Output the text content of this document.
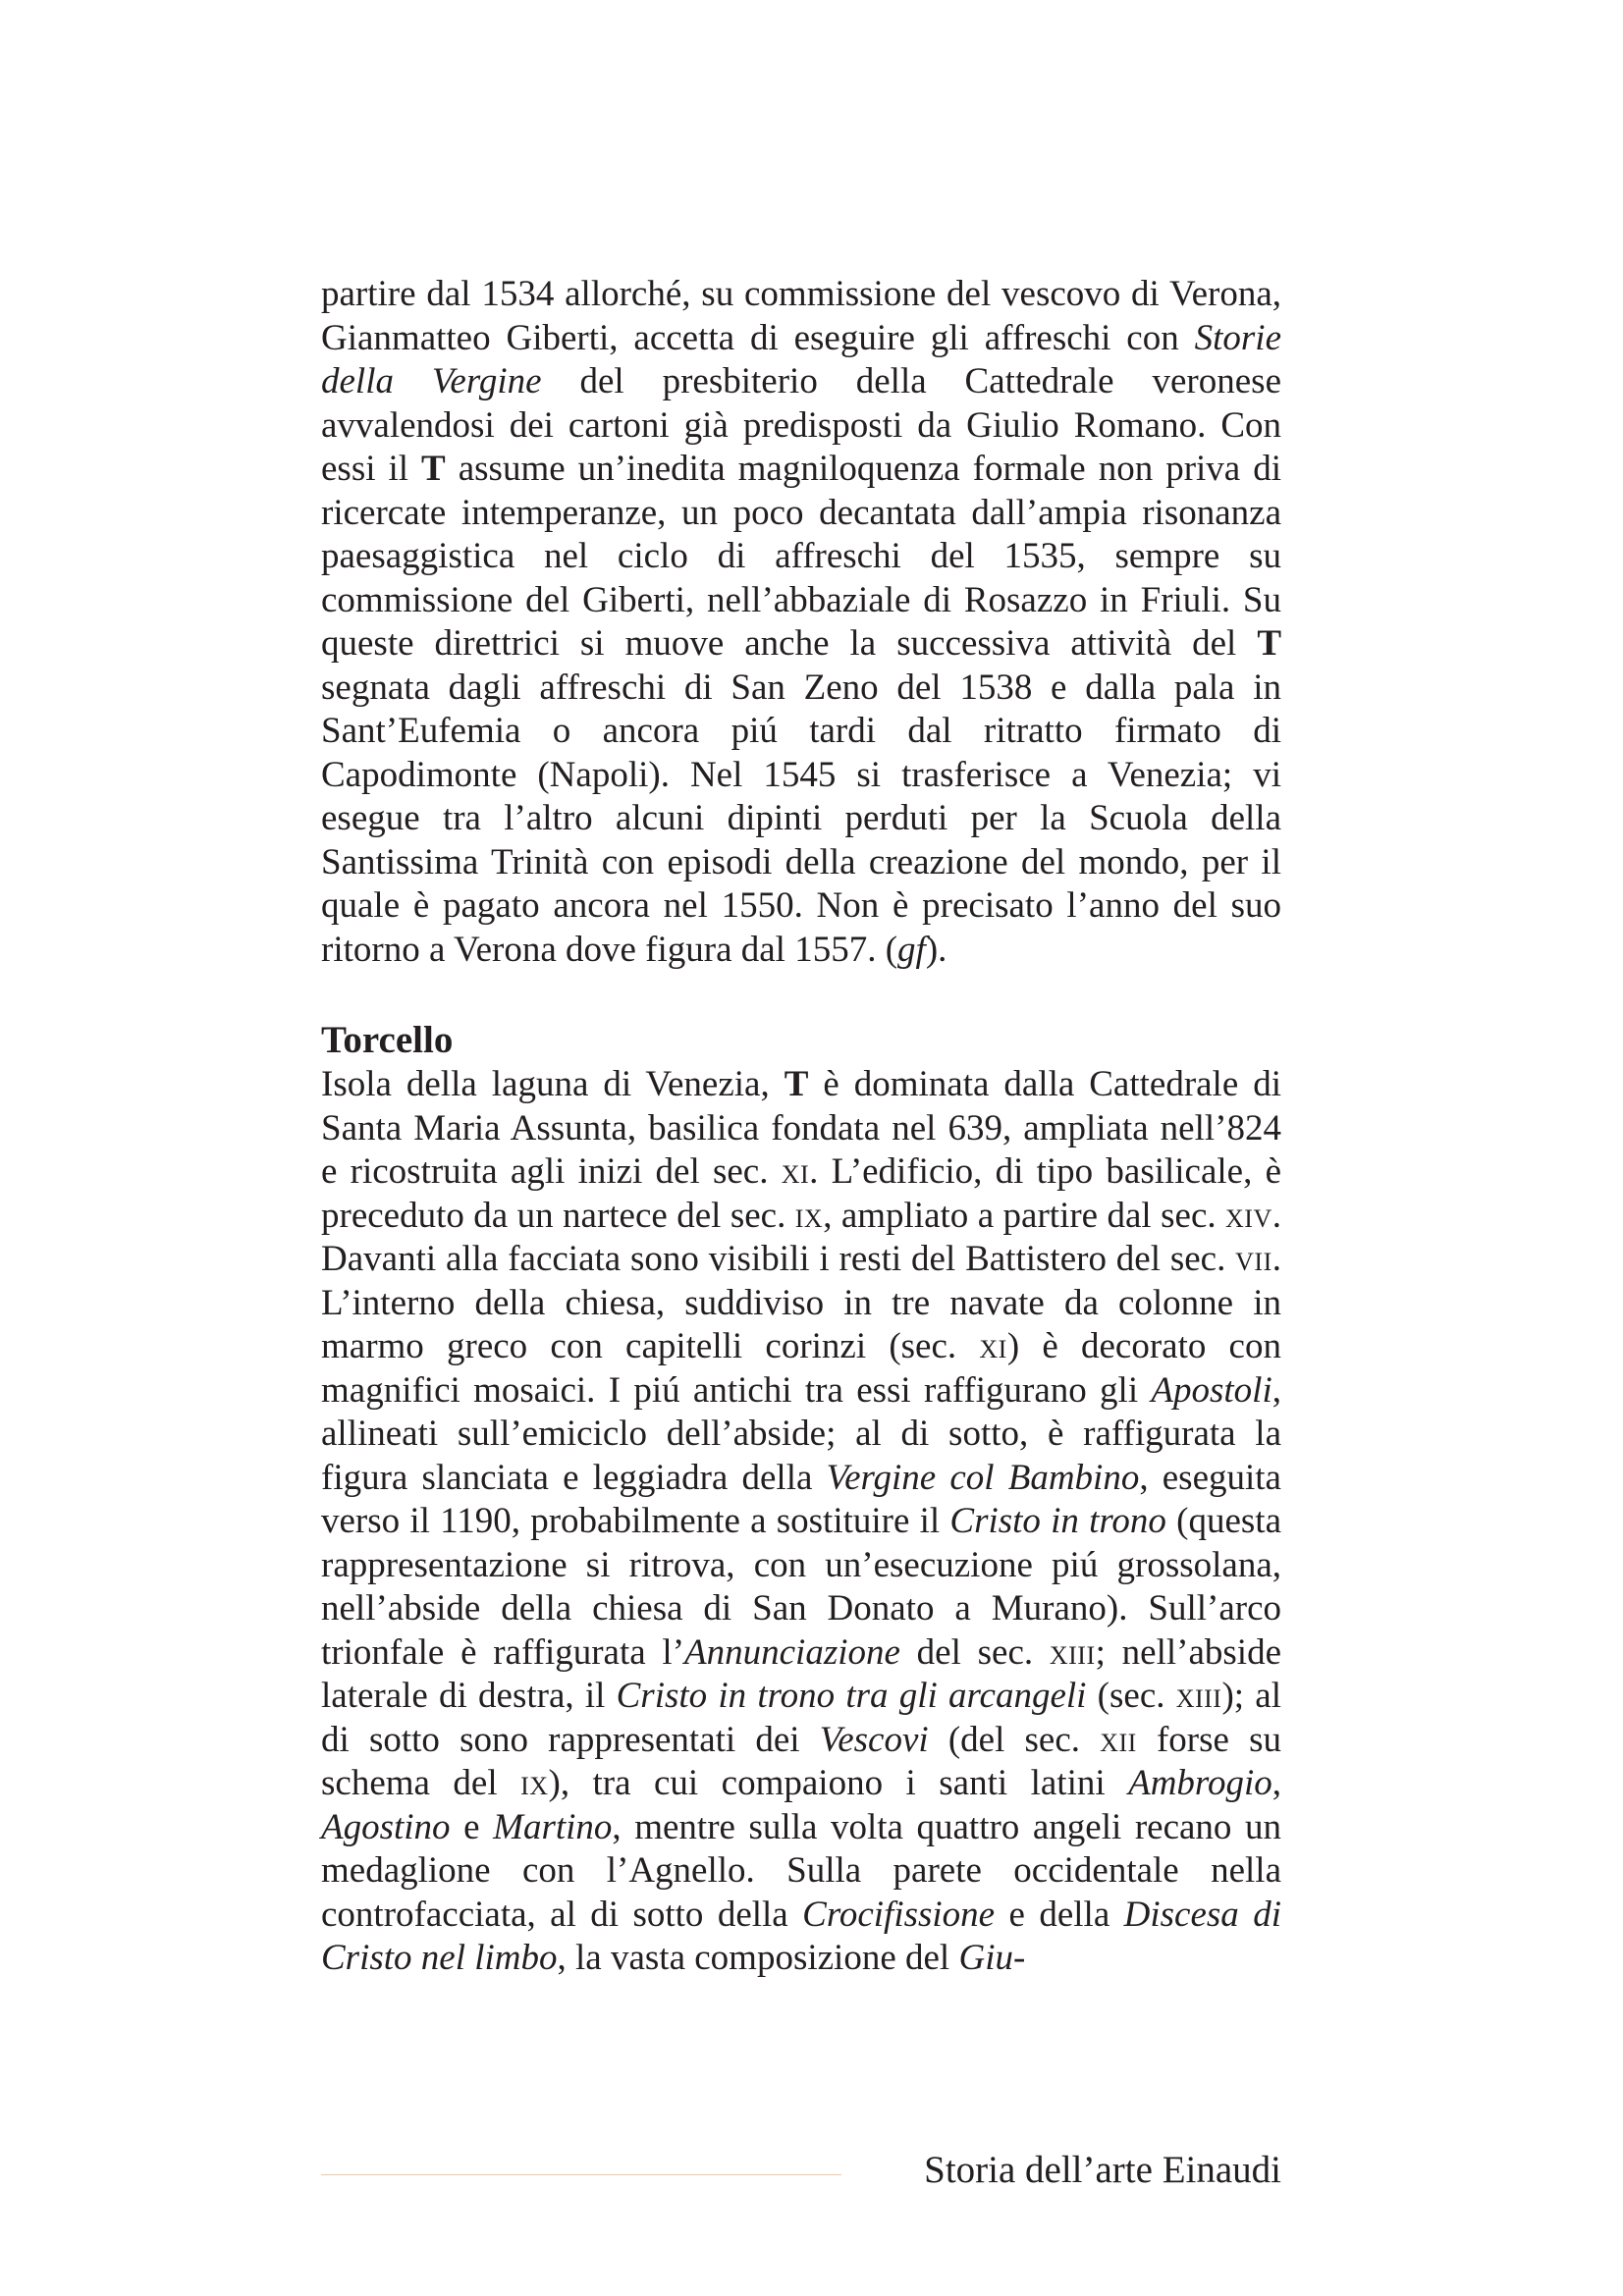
partire dal 1534 allorché, su commissione del vescovo di Verona, Gianmatteo Giberti, accetta di eseguire gli affreschi con Storie della Vergine del presbiterio della Cattedrale veronese avvalendosi dei cartoni già predisposti da Giulio Romano. Con essi il T assume un’inedita magniloquenza formale non priva di ricercate intemperanze, un poco decantata dall’ampia risonanza paesaggistica nel ciclo di affreschi del 1535, sempre su commissione del Giberti, nell’abbaziale di Rosazzo in Friuli. Su queste direttrici si muove anche la successiva attività del T segnata dagli affreschi di San Zeno del 1538 e dalla pala in Sant’Eufemia o ancora piú tardi dal ritratto firmato di Capodimonte (Napoli). Nel 1545 si trasferisce a Venezia; vi esegue tra l’altro alcuni dipinti perduti per la Scuola della Santissima Trinità con episodi della creazione del mondo, per il quale è pagato ancora nel 1550. Non è precisato l’anno del suo ritorno a Verona dove figura dal 1557. (gf).

Torcello

Isola della laguna di Venezia, T è dominata dalla Cattedrale di Santa Maria Assunta, basilica fondata nel 639, ampliata nell’824 e ricostruita agli inizi del sec. xi. L’edificio, di tipo basilicale, è preceduto da un nartece del sec. ix, ampliato a partire dal sec. xiv. Davanti alla facciata sono visibili i resti del Battistero del sec. vii. L’interno della chiesa, suddiviso in tre navate da colonne in marmo greco con capitelli corinzi (sec. xi) è decorato con magnifici mosaici. I piú antichi tra essi raffigurano gli Apostoli, allineati sull’emiciclo dell’abside; al di sotto, è raffigurata la figura slanciata e leggiadra della Vergine col Bambino, eseguita verso il 1190, probabilmente a sostituire il Cristo in trono (questa rappresentazione si ritrova, con un’esecuzione piú grossolana, nell’abside della chiesa di San Donato a Murano). Sull’arco trionfale è raffigurata l’Annunciazione del sec. xiii; nell’abside laterale di destra, il Cristo in trono tra gli arcangeli (sec. xiii); al di sotto sono rappresentati dei Vescovi (del sec. xii forse su schema del ix), tra cui compaiono i santi latini Ambrogio, Agostino e Martino, mentre sulla volta quattro angeli recano un medaglione con l’Agnello. Sulla parete occidentale nella controfacciata, al di sotto della Crocifissione e della Discesa di Cristo nel limbo, la vasta composizione del Giu-

Storia dell’arte Einaudi
